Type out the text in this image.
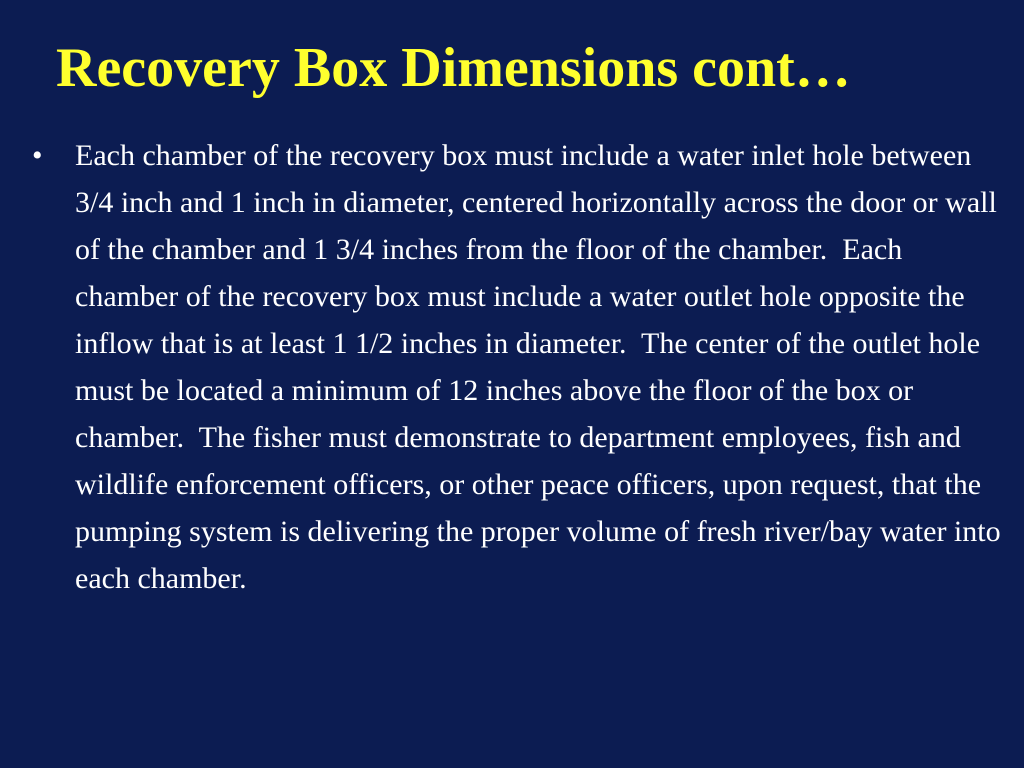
Recovery Box Dimensions cont…
•	Each chamber of the recovery box must include a water inlet hole between 3/4 inch and 1 inch in diameter, centered horizontally across the door or wall of the chamber and 1 3/4 inches from the floor of the chamber.  Each chamber of the recovery box must include a water outlet hole opposite the inflow that is at least 1 1/2 inches in diameter.  The center of the outlet hole must be located a minimum of 12 inches above the floor of the box or chamber.  The fisher must demonstrate to department employees, fish and wildlife enforcement officers, or other peace officers, upon request, that the pumping system is delivering the proper volume of fresh river/bay water into each chamber.
